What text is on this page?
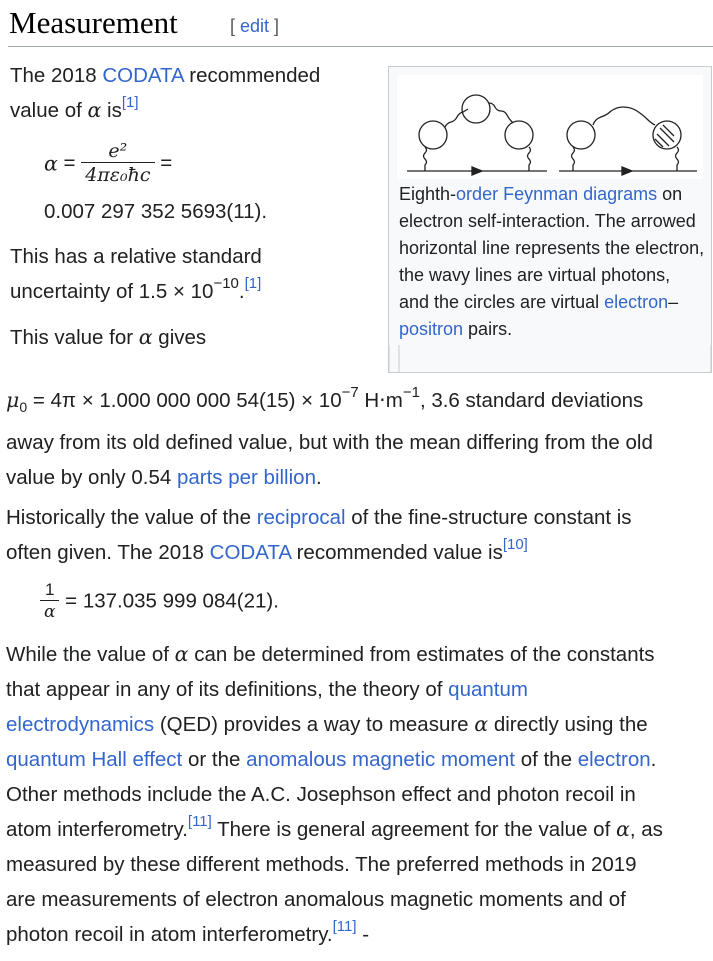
Measurement	[ edit ]
The 2018 CODATA recommended
value of α is[1]
$\alpha = \frac{\text{e²}}{\text{4πε₀ħc}}$ =
0.007 297 352 5693(11).
This has a relative standard
uncertainty of $1.5 \times 10^{-10}.[1]$
This value for α gives
Eighth-order Feynman diagrams on electron self-interaction. The arrowed horizontal line represents the electron, the wavy lines are virtual photons, and the circles are virtual electron–positron pairs.
$\mu_0 = 4\pi \times 1.000$ 000 000 $54(15) \times 10^{-7}$ $H\cdot m^{-1}$, 3.6 standard deviations
away from its old defined value, but with the mean differing from the old
value by only 0.54 parts per billion.
Historically the value of the reciprocal of the fine-structure constant is
often given. The 2018 CODATA recommended value is[10]
$\frac{1}{\alpha} = 137.035$ 999 084(21).
While the value of α can be determined from estimates of the constants
that appear in any of its definitions, the theory of quantum
electrodynamics (QED) provides a way to measure α directly using the
quantum Hall effect or the anomalous magnetic moment of the electron.
Other methods include the A.C. Josephson effect and photon recoil in
atom interferometry.[11] There is general agreement for the value of α, as
measured by these different methods. The preferred methods in 2019
are measurements of electron anomalous magnetic moments and of
photon recoil in atom interferometry.[11] ‐
